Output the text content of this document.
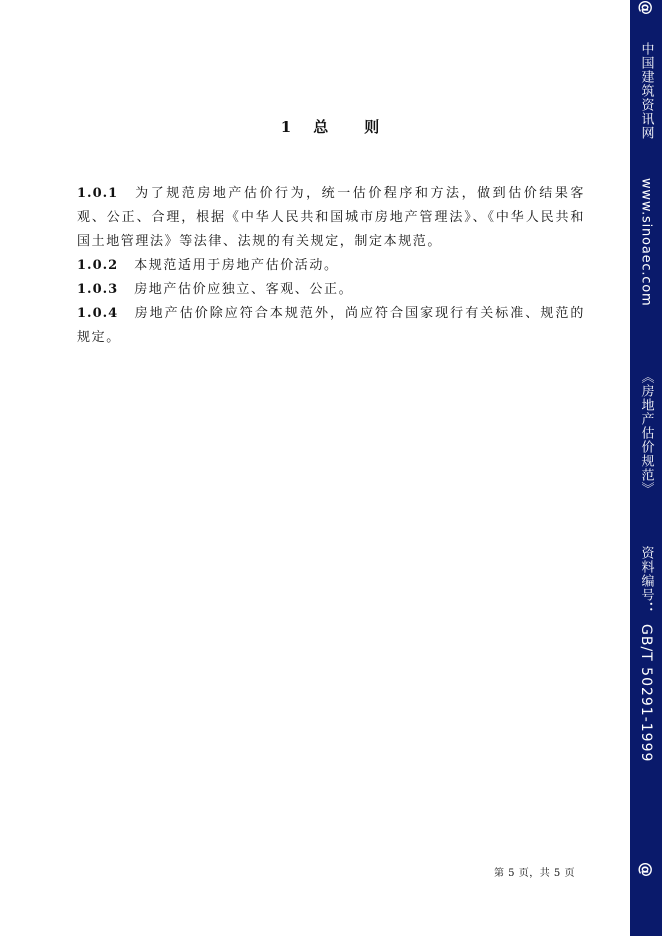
1 总 则

1.0.1 为了规范房地产估价行为，统一估价程序和方法，做到估价结果客观、公正、合理，根据《中华人民共和国城市房地产管理法》、《中华人民共和国土地管理法》等法律、法规的有关规定，制定本规范。

1.0.2 本规范适用于房地产估价活动。

1.0.3 房地产估价应独立、客观、公正。

1.0.4 房地产估价除应符合本规范外，尚应符合国家现行有关标准、规范的规定。

第 5 页，共 5 页
@
中国建筑资讯网
www.sinoaec.com
《房地产估价规范》
资料编号：
GB/T 50291-1999
@
